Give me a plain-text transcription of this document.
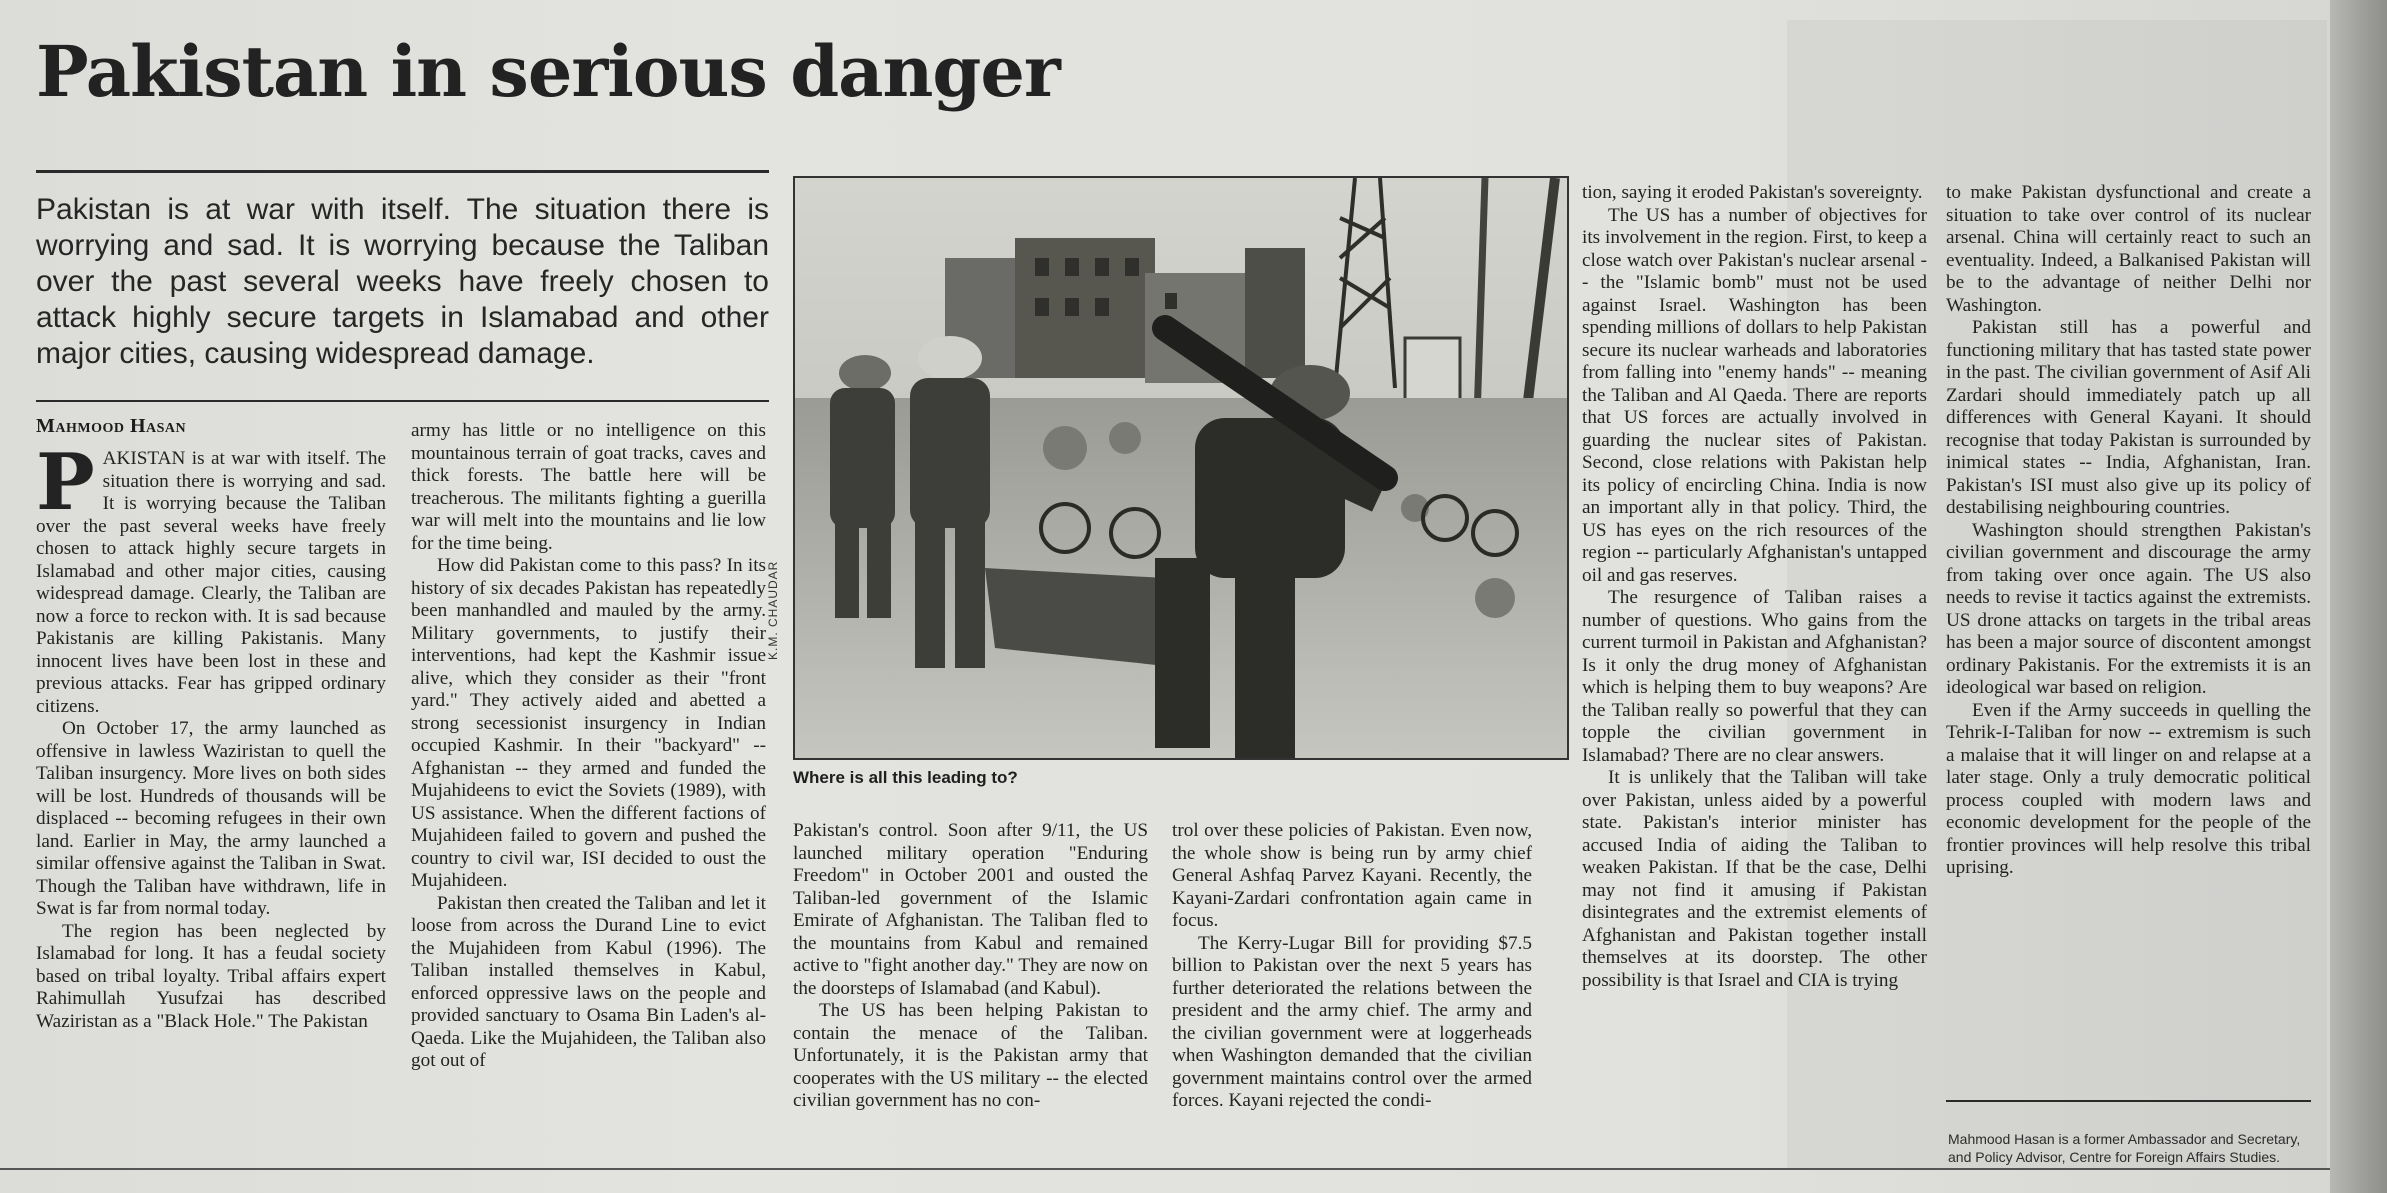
Pakistan in serious danger

Pakistan is at war with itself. The situation there is worrying and sad. It is worrying because the Taliban over the past several weeks have freely chosen to attack highly secure targets in Islamabad and other major cities, causing widespread damage.

Mahmood Hasan

PAKISTAN is at war with itself. The situation there is worrying and sad. It is worrying because the Taliban over the past several weeks have freely chosen to attack highly secure targets in Islamabad and other major cities, causing widespread damage. Clearly, the Taliban are now a force to reckon with. It is sad because Pakistanis are killing Pakistanis. Many innocent lives have been lost in these and previous attacks. Fear has gripped ordinary citizens.

On October 17, the army launched as offensive in lawless Waziristan to quell the Taliban insurgency. More lives on both sides will be lost. Hundreds of thousands will be displaced -- becoming refugees in their own land. Earlier in May, the army launched a similar offensive against the Taliban in Swat. Though the Taliban have withdrawn, life in Swat is far from normal today.

The region has been neglected by Islamabad for long. It has a feudal society based on tribal loyalty. Tribal affairs expert Rahimullah Yusufzai has described Waziristan as a "Black Hole." The Pakistan

army has little or no intelligence on this mountainous terrain of goat tracks, caves and thick forests. The battle here will be treacherous. The militants fighting a guerilla war will melt into the mountains and lie low for the time being.

How did Pakistan come to this pass? In its history of six decades Pakistan has repeatedly been manhandled and mauled by the army. Military governments, to justify their interventions, had kept the Kashmir issue alive, which they consider as their "front yard." They actively aided and abetted a strong secessionist insurgency in Indian occupied Kashmir. In their "backyard" -- Afghanistan -- they armed and funded the Mujahideens to evict the Soviets (1989), with US assistance. When the different factions of Mujahideen failed to govern and pushed the country to civil war, ISI decided to oust the Mujahideen.

Pakistan then created the Taliban and let it loose from across the Durand Line to evict the Mujahideen from Kabul (1996). The Taliban installed themselves in Kabul, enforced oppressive laws on the people and provided sanctuary to Osama Bin Laden's al-Qaeda. Like the Mujahideen, the Taliban also got out of

K.M. CHAUDAR
Where is all this leading to?

Pakistan's control. Soon after 9/11, the US launched military operation "Enduring Freedom" in October 2001 and ousted the Taliban-led government of the Islamic Emirate of Afghanistan. The Taliban fled to the mountains from Kabul and remained active to "fight another day." They are now on the doorsteps of Islamabad (and Kabul).

The US has been helping Pakistan to contain the menace of the Taliban. Unfortunately, it is the Pakistan army that cooperates with the US military -- the elected civilian government has no con-

trol over these policies of Pakistan. Even now, the whole show is being run by army chief General Ashfaq Parvez Kayani. Recently, the Kayani-Zardari confrontation again came in focus.

The Kerry-Lugar Bill for providing $7.5 billion to Pakistan over the next 5 years has further deteriorated the relations between the president and the army chief. The army and the civilian government were at loggerheads when Washington demanded that the civilian government maintains control over the armed forces. Kayani rejected the condi-

tion, saying it eroded Pakistan's sovereignty.

The US has a number of objectives for its involvement in the region. First, to keep a close watch over Pakistan's nuclear arsenal -- the "Islamic bomb" must not be used against Israel. Washington has been spending millions of dollars to help Pakistan secure its nuclear warheads and laboratories from falling into "enemy hands" -- meaning the Taliban and Al Qaeda. There are reports that US forces are actually involved in guarding the nuclear sites of Pakistan. Second, close relations with Pakistan help its policy of encircling China. India is now an important ally in that policy. Third, the US has eyes on the rich resources of the region -- particularly Afghanistan's untapped oil and gas reserves.

The resurgence of Taliban raises a number of questions. Who gains from the current turmoil in Pakistan and Afghanistan? Is it only the drug money of Afghanistan which is helping them to buy weapons? Are the Taliban really so powerful that they can topple the civilian government in Islamabad? There are no clear answers.

It is unlikely that the Taliban will take over Pakistan, unless aided by a powerful state. Pakistan's interior minister has accused India of aiding the Taliban to weaken Pakistan. If that be the case, Delhi may not find it amusing if Pakistan disintegrates and the extremist elements of Afghanistan and Pakistan together install themselves at its doorstep. The other possibility is that Israel and CIA is trying

to make Pakistan dysfunctional and create a situation to take over control of its nuclear arsenal. China will certainly react to such an eventuality. Indeed, a Balkanised Pakistan will be to the advantage of neither Delhi nor Washington.

Pakistan still has a powerful and functioning military that has tasted state power in the past. The civilian government of Asif Ali Zardari should immediately patch up all differences with General Kayani. It should recognise that today Pakistan is surrounded by inimical states -- India, Afghanistan, Iran. Pakistan's ISI must also give up its policy of destabilising neighbouring countries.

Washington should strengthen Pakistan's civilian government and discourage the army from taking over once again. The US also needs to revise it tactics against the extremists. US drone attacks on targets in the tribal areas has been a major source of discontent amongst ordinary Pakistanis. For the extremists it is an ideological war based on religion.

Even if the Army succeeds in quelling the Tehrik-I-Taliban for now -- extremism is such a malaise that it will linger on and relapse at a later stage. Only a truly democratic political process coupled with modern laws and economic development for the people of the frontier provinces will help resolve this tribal uprising.

Mahmood Hasan is a former Ambassador and Secretary, and Policy Advisor, Centre for Foreign Affairs Studies.
